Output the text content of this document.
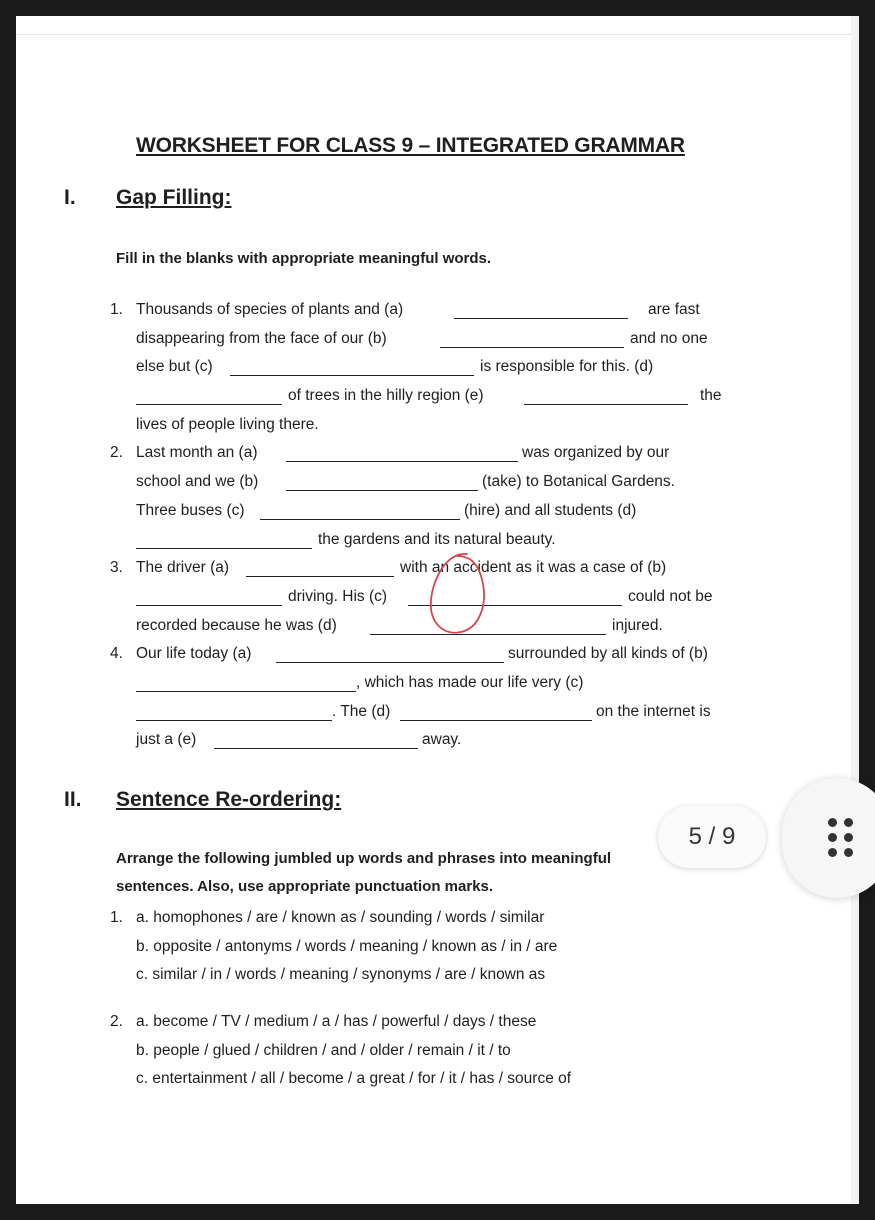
WORKSHEET FOR CLASS 9 – INTEGRATED GRAMMAR
I. Gap Filling:
Fill in the blanks with appropriate meaningful words.
1. Thousands of species of plants and (a)	are fast
disappearing from the face of our (b)	and no one
else but (c)	is responsible for this. (d)
of trees in the hilly region (e)	the
lives of people living there.
2. Last month an (a)	was organized by our
school and we (b)	(take) to Botanical Gardens.
Three buses (c)	(hire) and all students (d)
the gardens and its natural beauty.
3. The driver (a)	with an accident as it was a case of (b)
driving. His (c)	could not be
recorded because he was (d)	injured.
4. Our life today (a)	surrounded by all kinds of (b)
, which has made our life very (c)
. The (d)	on the internet is
just a (e)	away.
II. Sentence Re-ordering:
Arrange the following jumbled up words and phrases into meaningful
sentences. Also, use appropriate punctuation marks.
1. a. homophones / are / known as / sounding / words / similar
b. opposite / antonyms / words / meaning / known as / in / are
c. similar / in / words / meaning / synonyms / are / known as
2. a. become / TV / medium / a / has / powerful / days / these
b. people / glued / children / and / older / remain / it / to
c. entertainment / all / become / a great / for / it / has / source of
5 / 9
